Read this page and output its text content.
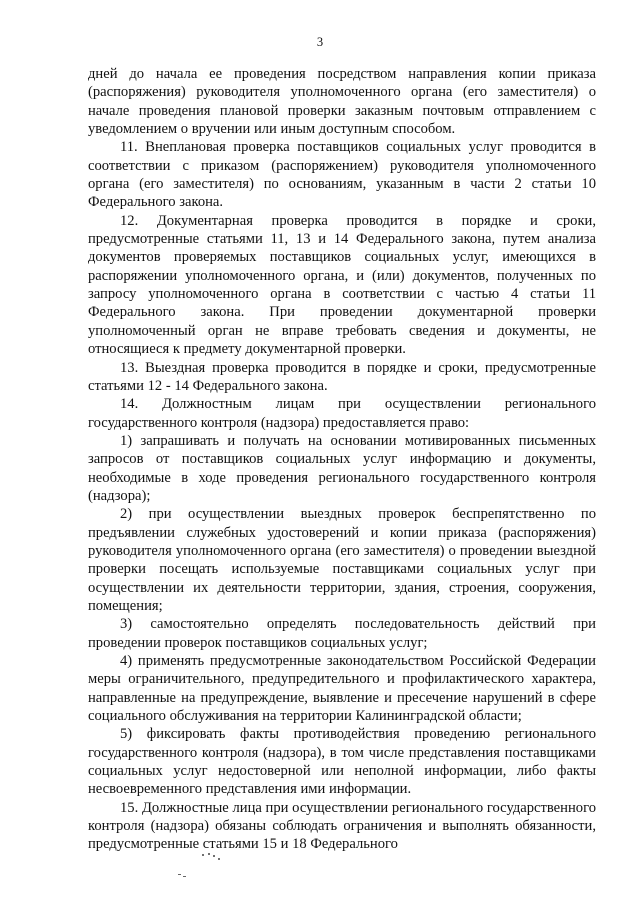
3

дней до начала ее проведения посредством направления копии приказа (распоряжения) руководителя уполномоченного органа (его заместителя) о начале проведения плановой проверки заказным почтовым отправлением с уведомлением о вручении или иным доступным способом.

11. Внеплановая проверка поставщиков социальных услуг проводится в соответствии с приказом (распоряжением) руководителя уполномоченного органа (его заместителя) по основаниям, указанным в части 2 статьи 10 Федерального закона.

12. Документарная проверка проводится в порядке и сроки, предусмотренные статьями 11, 13 и 14 Федерального закона, путем анализа документов проверяемых поставщиков социальных услуг, имеющихся в распоряжении уполномоченного органа, и (или) документов, полученных по запросу уполномоченного органа в соответствии с частью 4 статьи 11 Федерального закона. При проведении документарной проверки уполномоченный орган не вправе требовать сведения и документы, не относящиеся к предмету документарной проверки.

13. Выездная проверка проводится в порядке и сроки, предусмотренные статьями 12 - 14 Федерального закона.

14. Должностным лицам при осуществлении регионального государственного контроля (надзора) предоставляется право:

1) запрашивать и получать на основании мотивированных письменных запросов от поставщиков социальных услуг информацию и документы, необходимые в ходе проведения регионального государственного контроля (надзора);

2) при осуществлении выездных проверок беспрепятственно по предъявлении служебных удостоверений и копии приказа (распоряжения) руководителя уполномоченного органа (его заместителя) о проведении выездной проверки посещать используемые поставщиками социальных услуг при осуществлении их деятельности территории, здания, строения, сооружения, помещения;

3) самостоятельно определять последовательность действий при проведении проверок поставщиков социальных услуг;

4) применять предусмотренные законодательством Российской Федерации меры ограничительного, предупредительного и профилактического характера, направленные на предупреждение, выявление и пресечение нарушений в сфере социального обслуживания на территории Калининградской области;

5) фиксировать факты противодействия проведению регионального государственного контроля (надзора), в том числе представления поставщиками социальных услуг недостоверной или неполной информации, либо факты несвоевременного представления ими информации.

15. Должностные лица при осуществлении регионального государственного контроля (надзора) обязаны соблюдать ограничения и выполнять обязанности, предусмотренные статьями 15 и 18 Федерального
